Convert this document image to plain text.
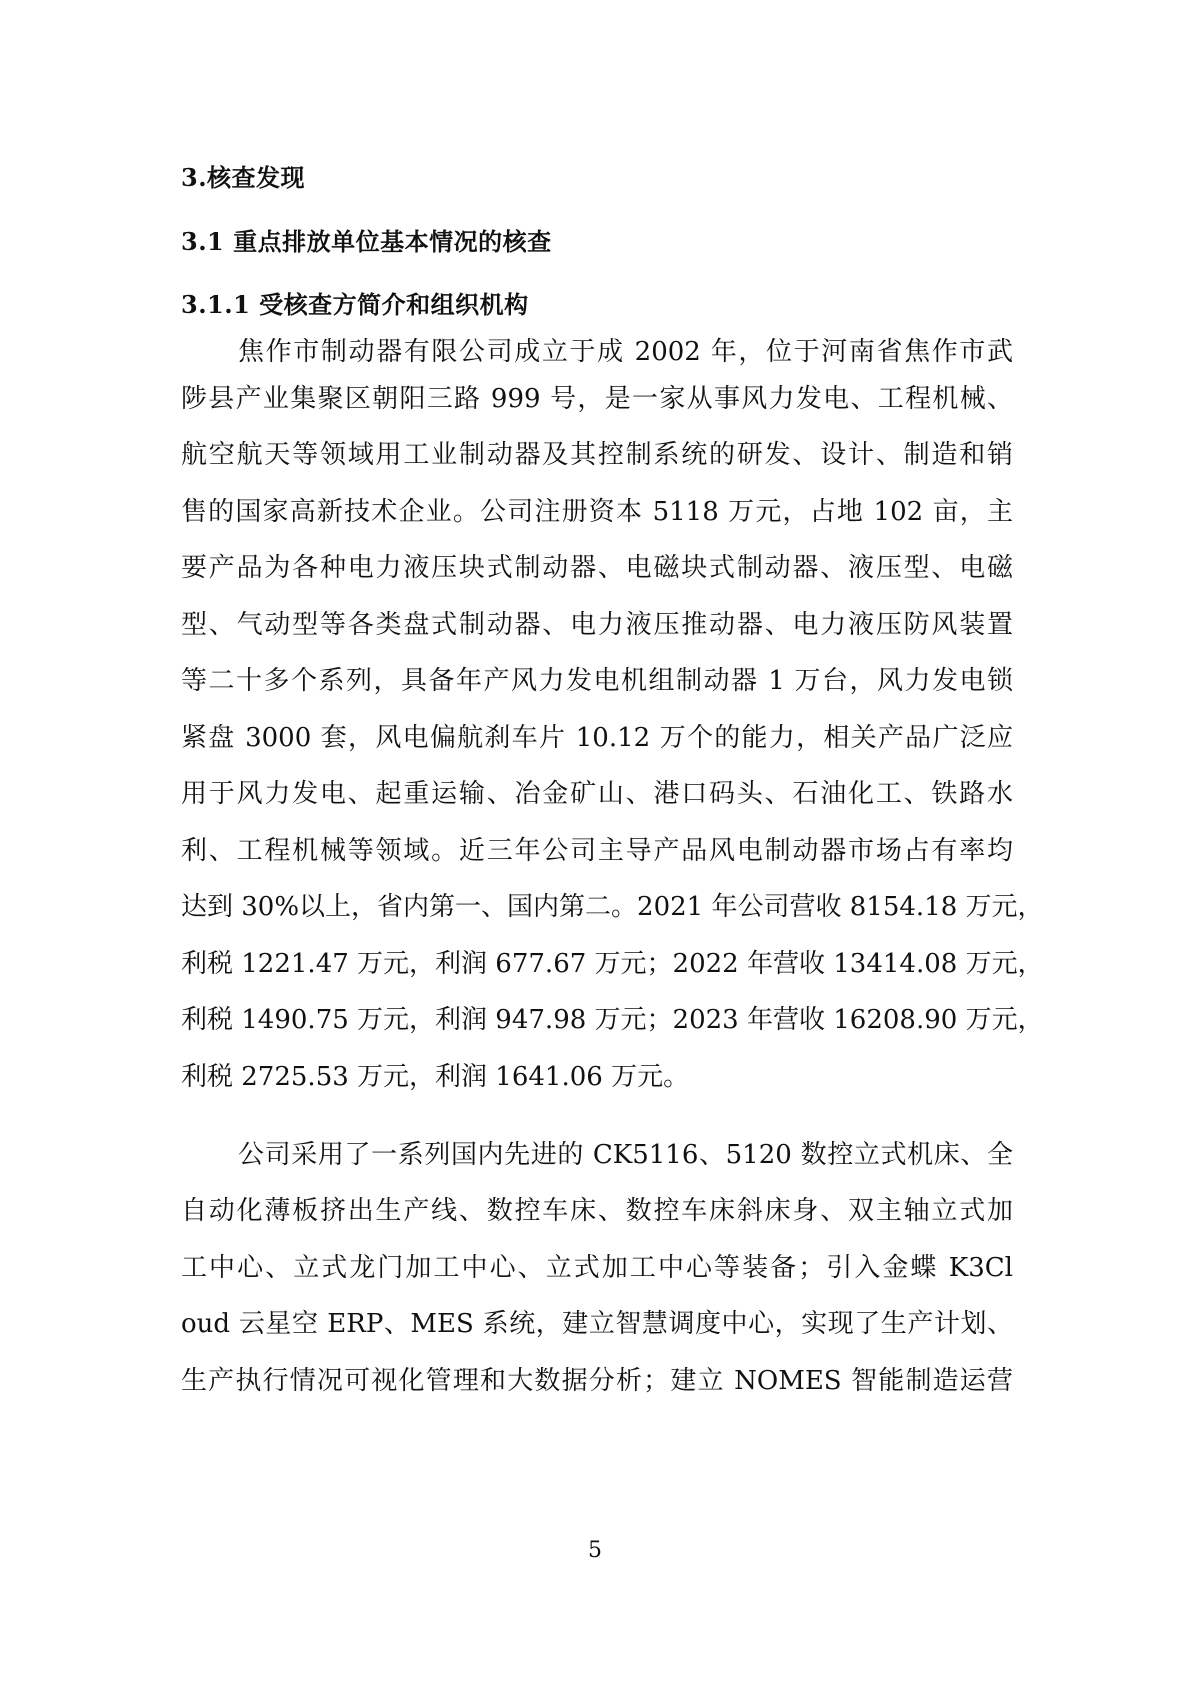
3.核查发现
3.1 重点排放单位基本情况的核查
3.1.1 受核查方简介和组织机构

焦作市制动器有限公司成立于成 2002 年，位于河南省焦作市武

陟县产业集聚区朝阳三路 999 号，是一家从事风力发电、工程机械、

航空航天等领域用工业制动器及其控制系统的研发、设计、制造和销

售的国家高新技术企业。公司注册资本 5118 万元，占地 102 亩，主

要产品为各种电力液压块式制动器、电磁块式制动器、液压型、电磁

型、气动型等各类盘式制动器、电力液压推动器、电力液压防风装置

等二十多个系列，具备年产风力发电机组制动器 1 万台，风力发电锁

紧盘 3000 套，风电偏航刹车片 10.12 万个的能力，相关产品广泛应

用于风力发电、起重运输、冶金矿山、港口码头、石油化工、铁路水

利、工程机械等领域。近三年公司主导产品风电制动器市场占有率均

达到 30%以上，省内第一、国内第二。2021 年公司营收 8154.18 万元，

利税 1221.47 万元，利润 677.67 万元；2022 年营收 13414.08 万元，

利税 1490.75 万元，利润 947.98 万元；2023 年营收 16208.90 万元，

利税 2725.53 万元，利润 1641.06 万元。

公司采用了一系列国内先进的 CK5116、5120 数控立式机床、全

自动化薄板挤出生产线、数控车床、数控车床斜床身、双主轴立式加

工中心、立式龙门加工中心、立式加工中心等装备；引入金蝶 K3Cl

oud 云星空 ERP、MES 系统，建立智慧调度中心，实现了生产计划、

生产执行情况可视化管理和大数据分析；建立 NOMES 智能制造运营

5
